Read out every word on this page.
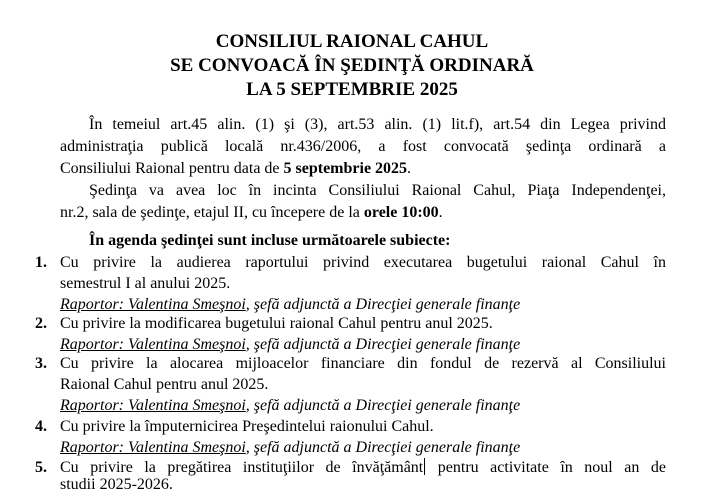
CONSILIUL RAIONAL CAHUL
SE CONVOACĂ ÎN ŞEDINŢĂ ORDINARĂ
LA 5 SEPTEMBRIE 2025
În temeiul art.45 alin. (1) şi (3), art.53 alin. (1) lit.f), art.54 din Legea privind
administraţia publică locală nr.436/2006, a fost convocată şedinţa ordinară a
Consiliului Raional pentru data de 5 septembrie 2025.
Şedinţa va avea loc în incinta Consiliului Raional Cahul, Piaţa Independenţei,
nr.2, sala de şedinţe, etajul II, cu începere de la orele 10:00.
În agenda şedinţei sunt incluse următoarele subiecte:
1. Cu privire la audierea raportului privind executarea bugetului raional Cahul în
semestrul I al anului 2025.
Raportor: Valentina Smeşnoi, şefă adjunctă a Direcţiei generale finanţe
2. Cu privire la modificarea bugetului raional Cahul pentru anul 2025.
Raportor: Valentina Smeşnoi, şefă adjunctă a Direcţiei generale finanţe
3. Cu privire la alocarea mijloacelor financiare din fondul de rezervă al Consiliului
Raional Cahul pentru anul 2025.
Raportor: Valentina Smeşnoi, şefă adjunctă a Direcţiei generale finanţe
4. Cu privire la împuternicirea Preşedintelui raionului Cahul.
Raportor: Valentina Smeşnoi, şefă adjunctă a Direcţiei generale finanţe
5. Cu privire la pregătirea instituţiilor de învăţământ pentru activitate în noul an de
studii 2025-2026.
